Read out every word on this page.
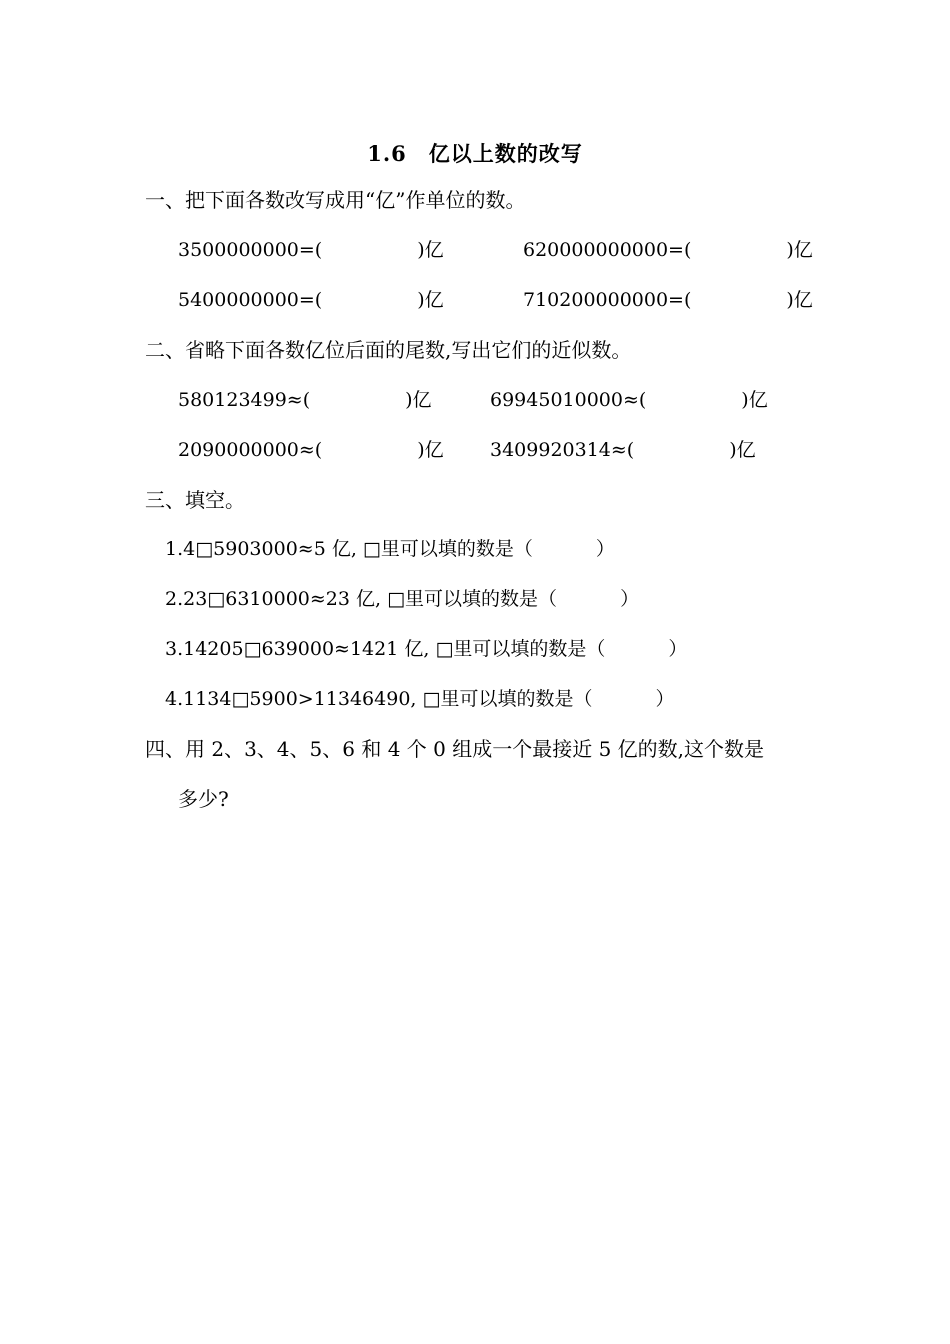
1.6　亿以上数的改写
一、把下面各数改写成用“亿”作单位的数。
3500000000=(　　　　　)亿	620000000000=(　　　　　)亿
5400000000=(　　　　　)亿	710200000000=(　　　　　)亿
二、省略下面各数亿位后面的尾数,写出它们的近似数。
580123499≈(　　　　　)亿	69945010000≈(　　　　　)亿
2090000000≈(　　　　　)亿 3409920314≈(　　　　　)亿
三、填空。
1.4□5903000≈5 亿, □里可以填的数是（　　　 ）
2.23□6310000≈23 亿, □里可以填的数是（　　　 ）
3.14205□639000≈1421 亿, □里可以填的数是（　　　 ）
4.1134□5900>11346490, □里可以填的数是（　　　 ）
四、用 2、3、4、5、6 和 4 个 0 组成一个最接近 5 亿的数,这个数是
多少?
